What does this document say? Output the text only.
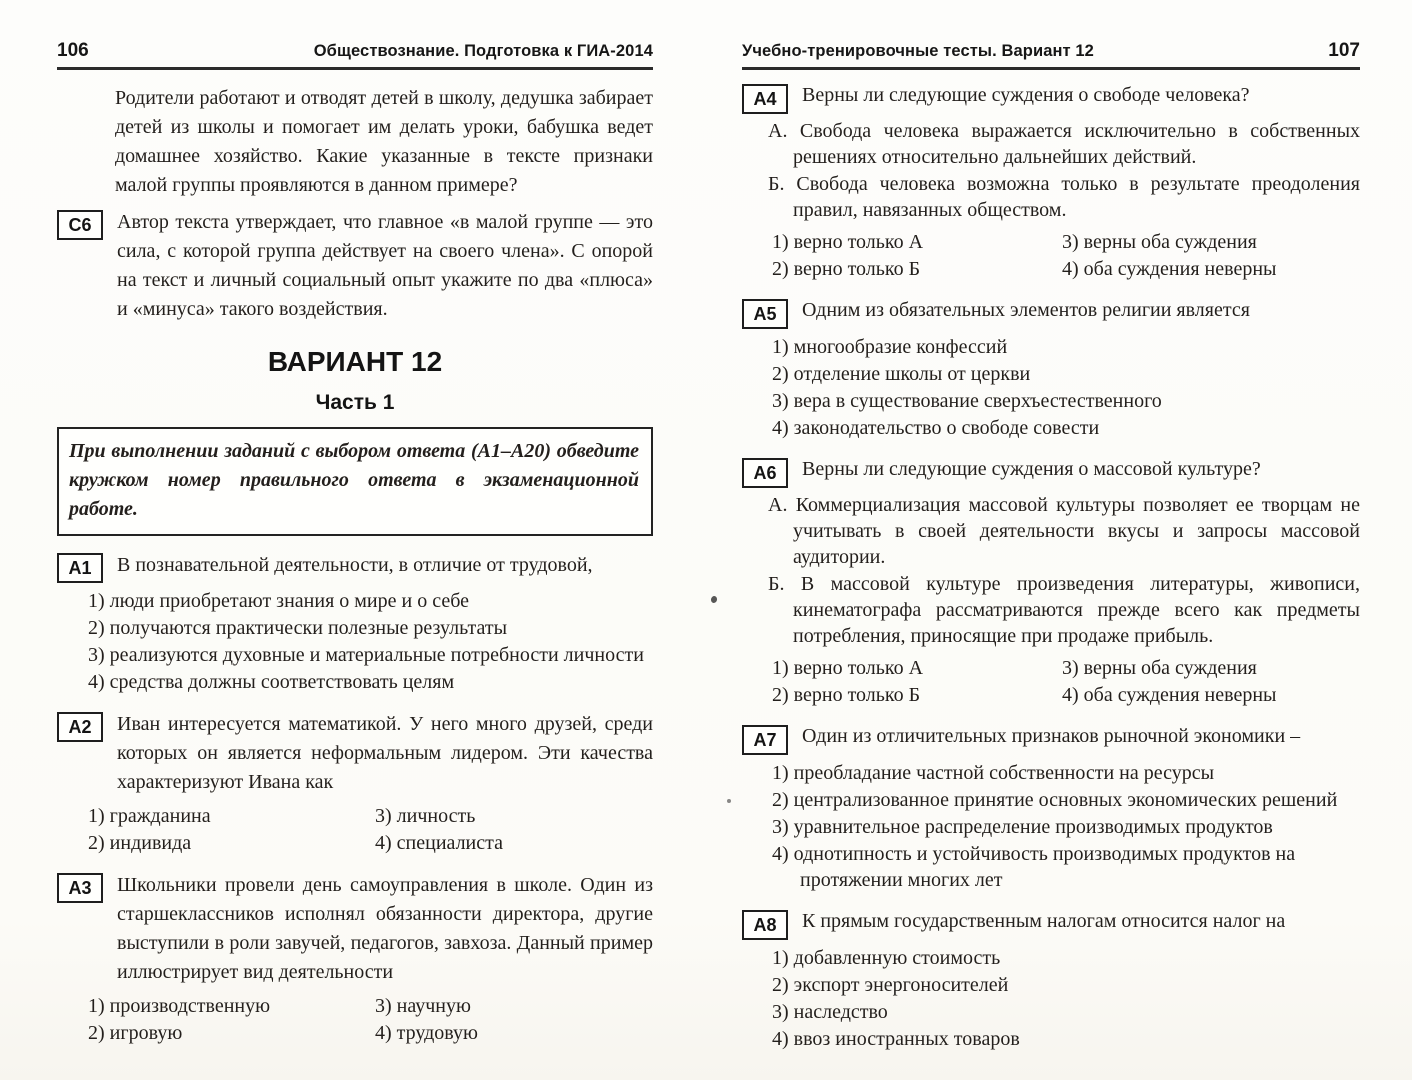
106	Обществознание. Подготовка к ГИА-2014

Родители работают и отводят детей в школу, дедушка забирает детей из школы и помогает им делать уроки, бабушка ведет домашнее хозяйство. Какие указанные в тексте признаки малой группы проявляются в данном примере?

С6	Автор текста утверждает, что главное «в малой группе — это сила, с которой группа действует на своего члена». С опорой на текст и личный социальный опыт укажите по два «плюса» и «минуса» такого воздействия.

ВАРИАНТ 12
Часть 1
При выполнении заданий с выбором ответа (А1–А20) обведите кружком номер правильного ответа в экзаменационной работе.
А1	В познавательной деятельности, в отличие от трудовой,

1) люди приобретают знания о мире и о себе
2) получаются практически полезные результаты
3) реализуются духовные и материальные потребности личности
4) средства должны соответствовать целям
А2	Иван интересуется математикой. У него много друзей, среди которых он является неформальным лидером. Эти качества характеризуют Ивана как

1) гражданина
2) индивида
3) личность
4) специалиста
А3	Школьники провели день самоуправления в школе. Один из старшеклассников исполнял обязанности директора, другие выступили в роли завучей, педагогов, завхоза. Данный пример иллюстрирует вид деятельности

1) производственную
2) игровую
3) научную
4) трудовую
Учебно-тренировочные тесты. Вариант 12	107
А4	Верны ли следующие суждения о свободе человека?

А. Свобода человека выражается исключительно в собственных решениях относительно дальнейших действий.
Б. Свобода человека возможна только в результате преодоления правил, навязанных обществом.
1) верно только А
2) верно только Б
3) верны оба суждения
4) оба суждения неверны
А5	Одним из обязательных элементов религии является

1) многообразие конфессий
2) отделение школы от церкви
3) вера в существование сверхъестественного
4) законодательство о свободе совести
А6	Верны ли следующие суждения о массовой культуре?

А. Коммерциализация массовой культуры позволяет ее творцам не учитывать в своей деятельности вкусы и запросы массовой аудитории.
Б. В массовой культуре произведения литературы, живописи, кинематографа рассматриваются прежде всего как предметы потребления, приносящие при продаже прибыль.
1) верно только А
2) верно только Б
3) верны оба суждения
4) оба суждения неверны
А7	Один из отличительных признаков рыночной экономики –

1) преобладание частной собственности на ресурсы
2) централизованное принятие основных экономических решений
3) уравнительное распределение производимых продуктов
4) однотипность и устойчивость производимых продуктов на протяжении многих лет
А8	К прямым государственным налогам относится налог на

1) добавленную стоимость
2) экспорт энергоносителей
3) наследство
4) ввоз иностранных товаров
